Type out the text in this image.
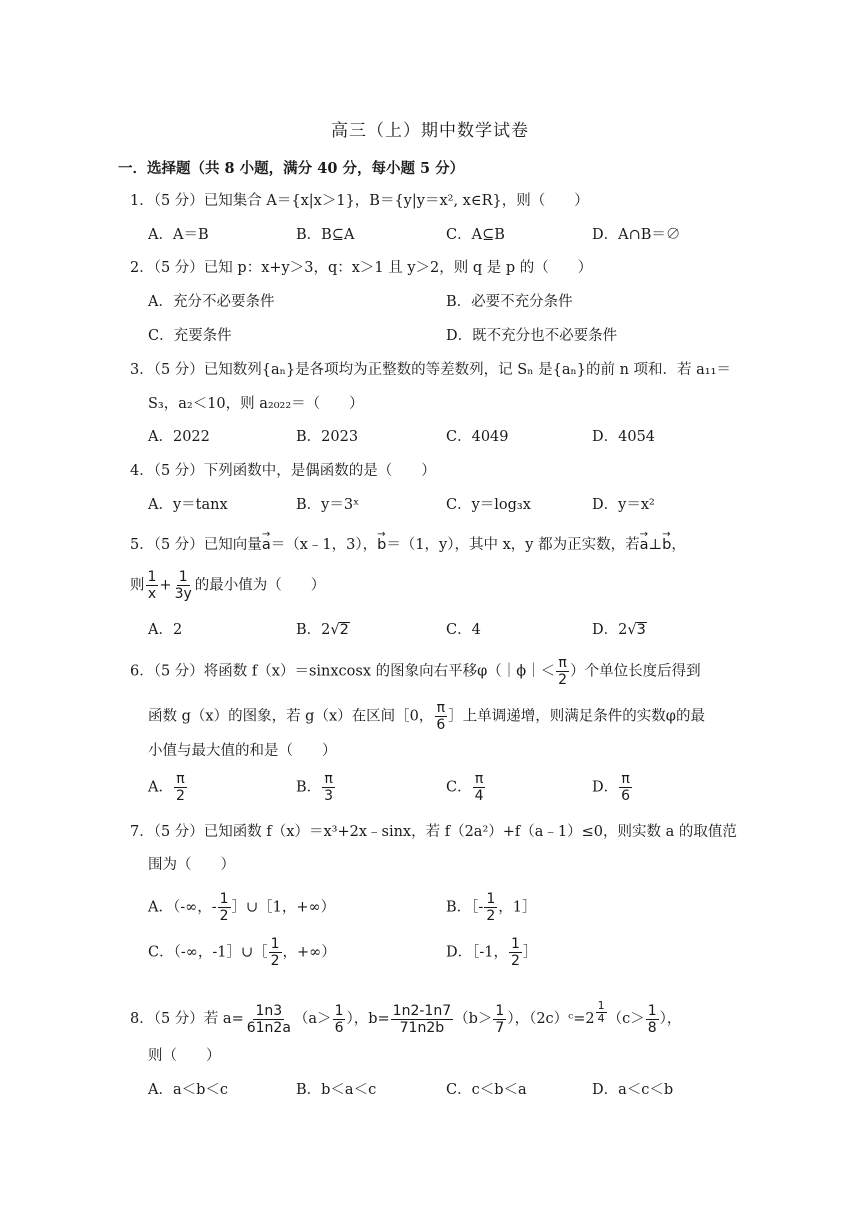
高三（上）期中数学试卷
一．选择题（共 8 小题，满分 40 分，每小题 5 分）
1．（5 分）已知集合 A＝{x|x＞1}，B＝{y|y＝x², x∈R}，则（　　）
A．A＝B	B．B⊆A	C．A⊆B	D．A∩B＝∅
2．（5 分）已知 p：x+y＞3，q：x＞1 且 y＞2，则 q 是 p 的（　　）
A．充分不必要条件	B．必要不充分条件
C．充要条件	D．既不充分也不必要条件
3．（5 分）已知数列{aₙ}是各项均为正整数的等差数列，记 Sₙ 是{aₙ}的前 n 项和．若 a₁₁＝
S₃，a₂＜10，则 a₂₀₂₂＝（　　）
A．2022	B．2023	C．4049	D．4054
4．（5 分）下列函数中，是偶函数的是（　　）
A．y＝tanx	B．y＝3ˣ	C．y＝log₃x	D．y＝x²
5．（5 分）已知向量→ a＝（x﹣1，3），→ b＝（1，y），其中 x，y 都为正实数，若→ a⊥→ b，
则 $\frac{1}{x} + \frac{1}{3y}$ 的最小值为（　　）
A．2	B．2√2	C．4	D．2√3
6．（5 分）将函数 f（x）＝sinxcosx 的图象向右平移φ（｜ϕ｜＜ $\frac{\pi}{2}$ ）个单位长度后得到
函数 g（x）的图象，若 g（x）在区间［0， $\frac{\pi}{6}$ ］上单调递增，则满足条件的实数φ的最
小值与最大值的和是（　　）
A． $\frac{\pi}{2}$	B． $\frac{\pi}{3}$	C． $\frac{\pi}{4}$	D． $\frac{\pi}{6}$
7．（5 分）已知函数 f（x）＝x³+2x﹣sinx，若 f（2a²）+f（a﹣1）≤0，则实数 a 的取值范
围为（　　）
A．（-∞，- $\frac{1}{2}$ ］∪［1，+∞）	B．［- $\frac{1}{2}$ ，1］
C．（-∞，-1］∪［ $\frac{1}{2}$ ，+∞）	D．［-1， $\frac{1}{2}$ ］
8．（5 分）若 $a= \frac{1n3}{61n2a} (a> \frac{1}{6}$ ），$b= \frac{1n2-1n7}{71n2b} (b> \frac{1}{7}$ ），（2c）ᶜ=2 $^{\frac{1}{4}}$ （$c> \frac{1}{8}$ ），
则（　　）
A．a＜b＜c	B．b＜a＜c	C．c＜b＜a	D．a＜c＜b
